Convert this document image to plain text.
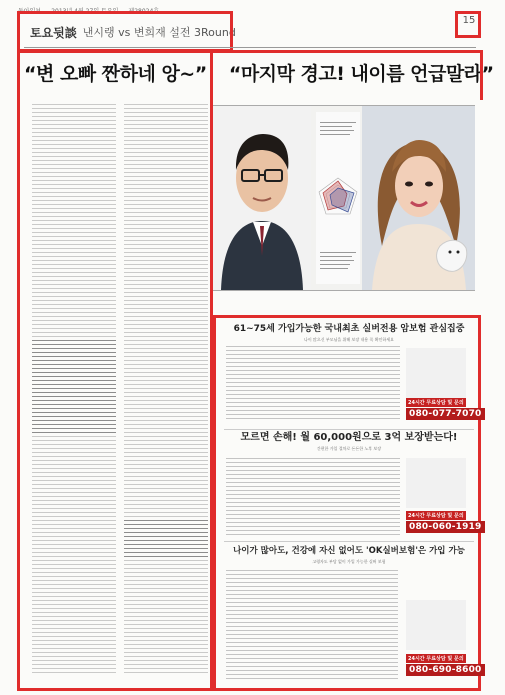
동아일보 2013년 4월 27일 토요일 제28024호
15
토요뒷談 낸시랭 vs 변희재 설전 3Round
“변 오빠 짠하네 앙~” “마지막 경고! 내이름 언급말라”
61~75세 가입가능한 국내최초 실버전용 암보험 관심집중
나이 많으신 부모님을 위해 보장 내용 꼭 확인하세요
24시간 무료상담 및 문의
080-077-7070
모르면 손해! 월 60,000원으로 3억 보장받는다!
간편한 가입 절차로 든든한 노후 보장
24시간 무료상담 및 문의
080-060-1919
나이가 많아도, 건강에 자신 없어도 'OK실버보험'은 가입 가능
고령자도 부담 없이 가입 가능한 실버 보험
24시간 무료상담 및 문의
080-690-8600
